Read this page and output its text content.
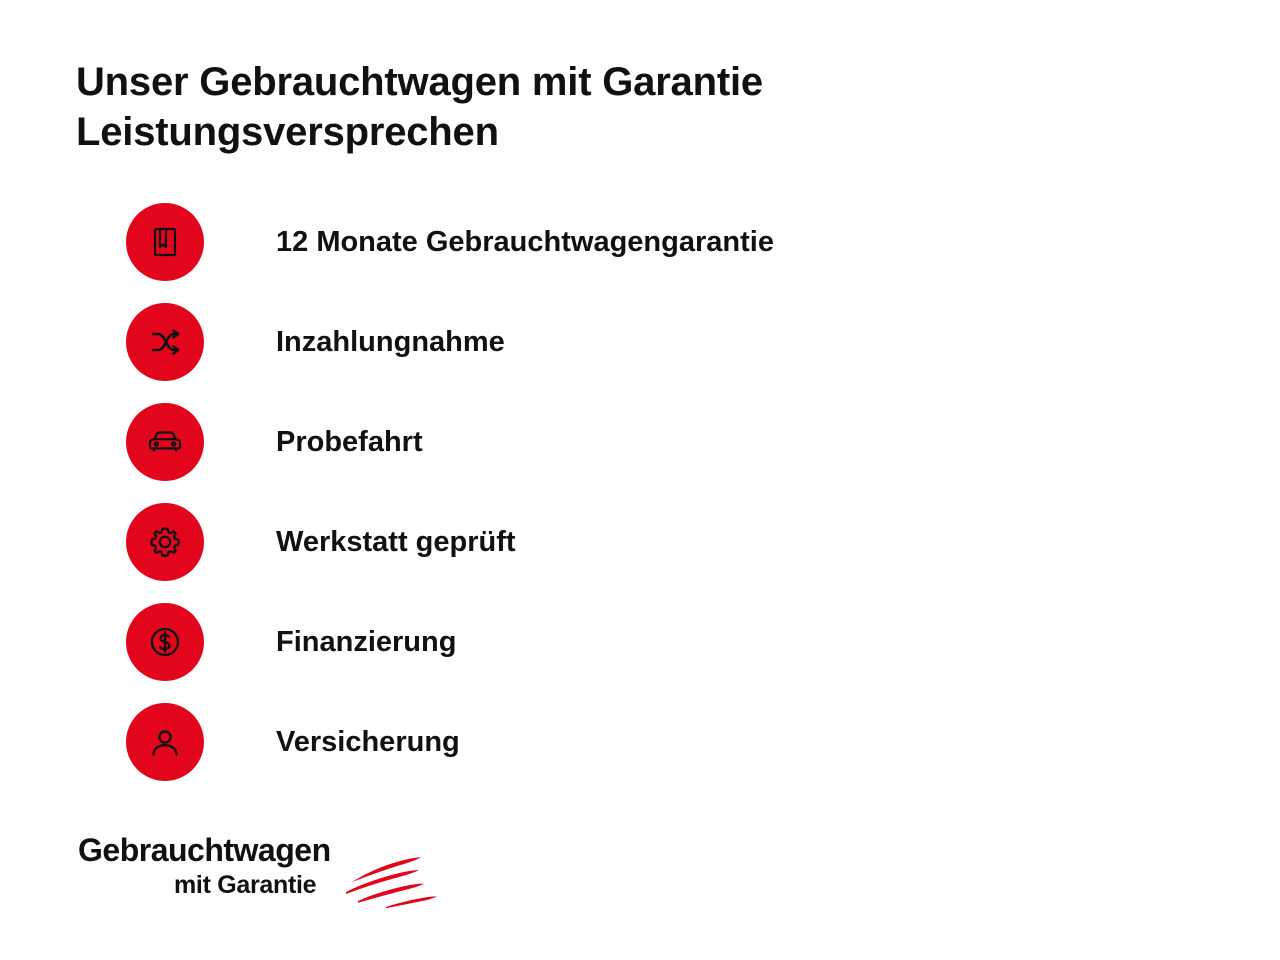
Unser Gebrauchtwagen mit Garantie
Leistungsversprechen
12 Monate Gebrauchtwagengarantie
Inzahlungnahme
Probefahrt
Werkstatt geprüft
Finanzierung
Versicherung
Gebrauchtwagen
mit Garantie
